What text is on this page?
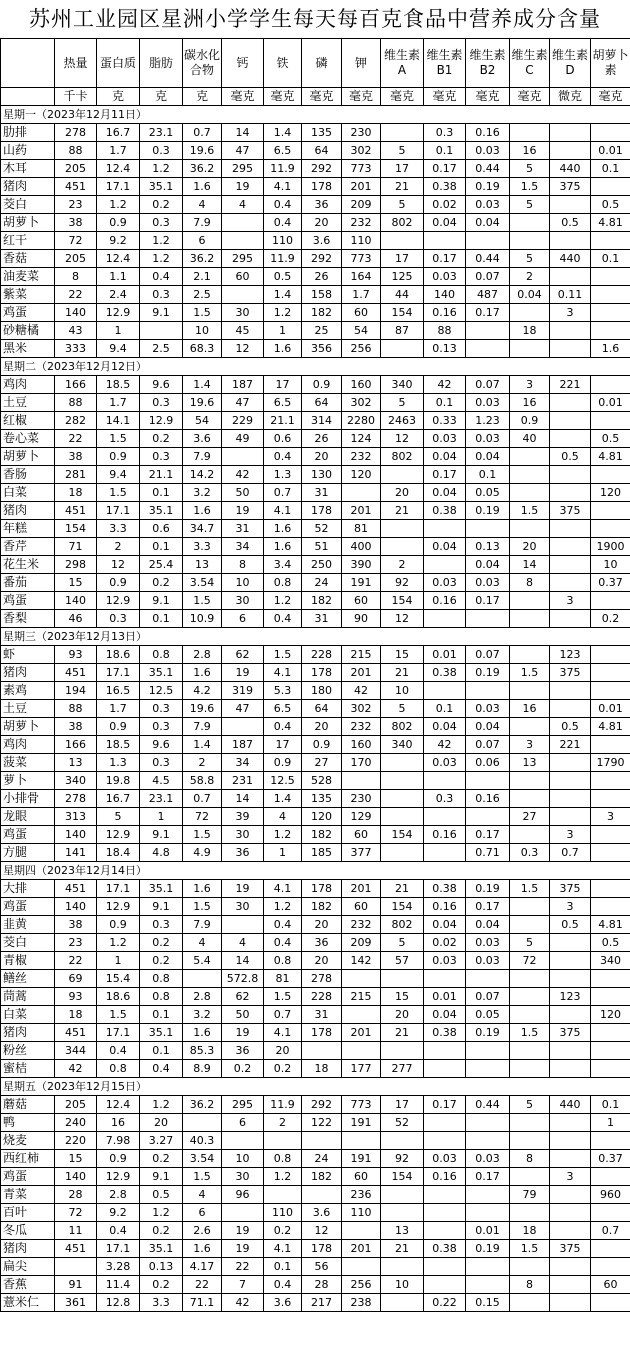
苏州工业园区星洲小学学生每天每百克食品中营养成分含量
	热量	蛋白质	脂肪	碳水化合物	钙	铁	磷	钾	维生素A	维生素B1	维生素B2	维生素C	维生素D	胡萝卜素
	千卡	克	克	克	毫克	毫克	毫克	毫克	毫克	毫克	毫克	毫克	微克	毫克
星期一（2023年12月11日）														
肋排	278	16.7	23.1	0.7	14	1.4	135	230		0.3	0.16			
山药	88	1.7	0.3	19.6	47	6.5	64	302	5	0.1	0.03	16		0.01
木耳	205	12.4	1.2	36.2	295	11.9	292	773	17	0.17	0.44	5	440	0.1
猪肉	451	17.1	35.1	1.6	19	4.1	178	201	21	0.38	0.19	1.5	375	
茭白	23	1.2	0.2	4	4	0.4	36	209	5	0.02	0.03	5		0.5
胡萝卜	38	0.9	0.3	7.9		0.4	20	232	802	0.04	0.04		0.5	4.81
红干	72	9.2	1.2	6		110	3.6	110						
香菇	205	12.4	1.2	36.2	295	11.9	292	773	17	0.17	0.44	5	440	0.1
油麦菜	8	1.1	0.4	2.1	60	0.5	26	164	125	0.03	0.07	2		
紫菜	22	2.4	0.3	2.5		1.4	158	1.7	44	140	487	0.04	0.11	
鸡蛋	140	12.9	9.1	1.5	30	1.2	182	60	154	0.16	0.17		3	
砂糖橘	43	1		10	45	1	25	54	87	88		18		
黑米	333	9.4	2.5	68.3	12	1.6	356	256		0.13				1.6
星期二（2023年12月12日）														
鸡肉	166	18.5	9.6	1.4	187	17	0.9	160	340	42	0.07	3	221	
土豆	88	1.7	0.3	19.6	47	6.5	64	302	5	0.1	0.03	16		0.01
红椒	282	14.1	12.9	54	229	21.1	314	2280	2463	0.33	1.23	0.9		
卷心菜	22	1.5	0.2	3.6	49	0.6	26	124	12	0.03	0.03	40		0.5
胡萝卜	38	0.9	0.3	7.9		0.4	20	232	802	0.04	0.04		0.5	4.81
香肠	281	9.4	21.1	14.2	42	1.3	130	120		0.17	0.1			
白菜	18	1.5	0.1	3.2	50	0.7	31		20	0.04	0.05			120
猪肉	451	17.1	35.1	1.6	19	4.1	178	201	21	0.38	0.19	1.5	375	
年糕	154	3.3	0.6	34.7	31	1.6	52	81						
香芹	71	2	0.1	3.3	34	1.6	51	400		0.04	0.13	20		1900
花生米	298	12	25.4	13	8	3.4	250	390	2		0.04	14		10
番茄	15	0.9	0.2	3.54	10	0.8	24	191	92	0.03	0.03	8		0.37
鸡蛋	140	12.9	9.1	1.5	30	1.2	182	60	154	0.16	0.17		3	
香梨	46	0.3	0.1	10.9	6	0.4	31	90	12					0.2
星期三（2023年12月13日）														
虾	93	18.6	0.8	2.8	62	1.5	228	215	15	0.01	0.07		123	
猪肉	451	17.1	35.1	1.6	19	4.1	178	201	21	0.38	0.19	1.5	375	
素鸡	194	16.5	12.5	4.2	319	5.3	180	42	10					
土豆	88	1.7	0.3	19.6	47	6.5	64	302	5	0.1	0.03	16		0.01
胡萝卜	38	0.9	0.3	7.9		0.4	20	232	802	0.04	0.04		0.5	4.81
鸡肉	166	18.5	9.6	1.4	187	17	0.9	160	340	42	0.07	3	221	
菠菜	13	1.3	0.3	2	34	0.9	27	170		0.03	0.06	13		1790
萝卜	340	19.8	4.5	58.8	231	12.5	528							
小排骨	278	16.7	23.1	0.7	14	1.4	135	230		0.3	0.16			
龙眼	313	5	1	72	39	4	120	129				27		3
鸡蛋	140	12.9	9.1	1.5	30	1.2	182	60	154	0.16	0.17		3	
方腿	141	18.4	4.8	4.9	36	1	185	377			0.71	0.3	0.7	
星期四（2023年12月14日）														
大排	451	17.1	35.1	1.6	19	4.1	178	201	21	0.38	0.19	1.5	375	
鸡蛋	140	12.9	9.1	1.5	30	1.2	182	60	154	0.16	0.17		3	
韭黄	38	0.9	0.3	7.9		0.4	20	232	802	0.04	0.04		0.5	4.81
茭白	23	1.2	0.2	4	4	0.4	36	209	5	0.02	0.03	5		0.5
青椒	22	1	0.2	5.4	14	0.8	20	142	57	0.03	0.03	72		340
鳝丝	69	15.4	0.8		572.8	81	278							
茼蒿	93	18.6	0.8	2.8	62	1.5	228	215	15	0.01	0.07		123	
白菜	18	1.5	0.1	3.2	50	0.7	31		20	0.04	0.05			120
猪肉	451	17.1	35.1	1.6	19	4.1	178	201	21	0.38	0.19	1.5	375	
粉丝	344	0.4	0.1	85.3	36	20								
蜜桔	42	0.8	0.4	8.9	0.2	0.2	18	177	277					
星期五（2023年12月15日）														
蘑菇	205	12.4	1.2	36.2	295	11.9	292	773	17	0.17	0.44	5	440	0.1
鸭	240	16	20		6	2	122	191	52					1
烧麦	220	7.98	3.27	40.3										
西红柿	15	0.9	0.2	3.54	10	0.8	24	191	92	0.03	0.03	8		0.37
鸡蛋	140	12.9	9.1	1.5	30	1.2	182	60	154	0.16	0.17		3	
青菜	28	2.8	0.5	4	96			236				79		960
百叶	72	9.2	1.2	6		110	3.6	110						
冬瓜	11	0.4	0.2	2.6	19	0.2	12		13		0.01	18		0.7
猪肉	451	17.1	35.1	1.6	19	4.1	178	201	21	0.38	0.19	1.5	375	
扁尖		3.28	0.13	4.17	22	0.1	56							
香蕉	91	11.4	0.2	22	7	0.4	28	256	10			8		60
薏米仁	361	12.8	3.3	71.1	42	3.6	217	238		0.22	0.15			
